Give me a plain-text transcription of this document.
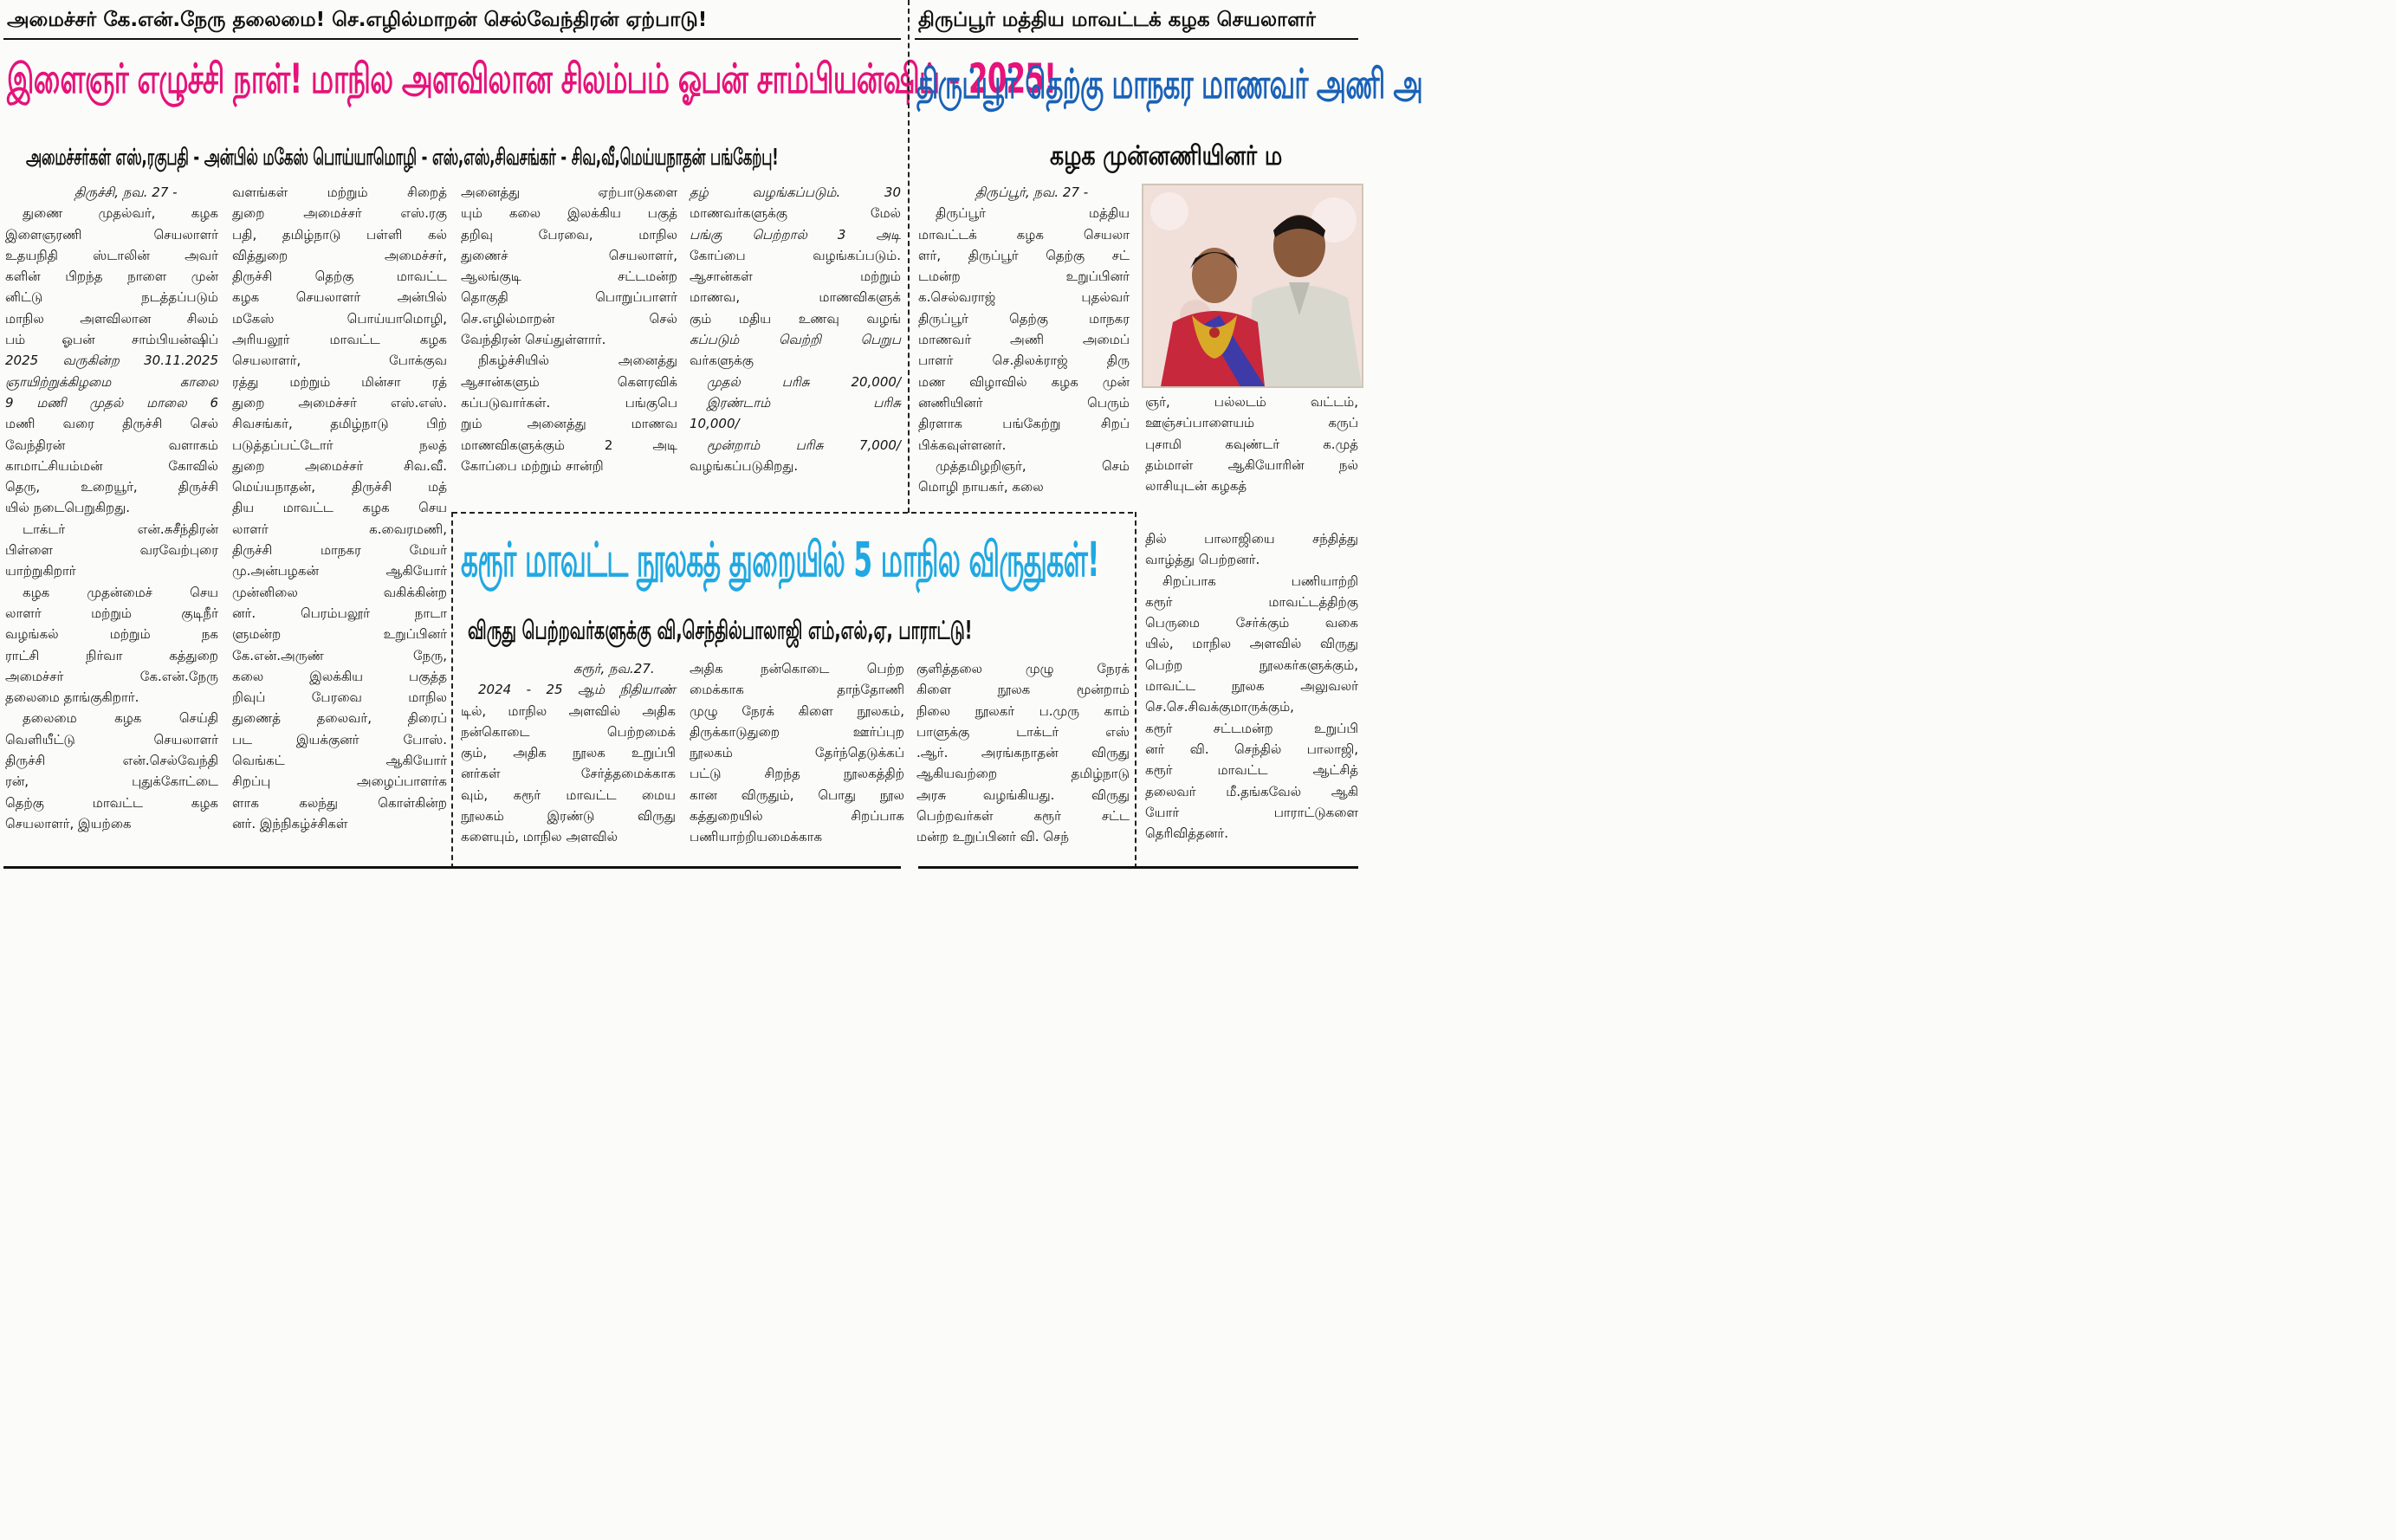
அமைச்சர் கே.என்.நேரு தலைமை! செ.எழில்மாறன் செல்வேந்திரன் ஏற்பாடு!
இளைஞர் எழுச்சி நாள்! மாநில அளவிலான சிலம்பம் ஓபன் சாம்பியன்ஷிப் - 2025!
அமைச்சர்கள் எஸ்,ரகுபதி - அன்பில் மகேஸ் பொய்யாமொழி - எஸ்,எஸ்,சிவசங்கர் - சிவ,வீ,மெய்யநாதன் பங்கேற்பு!

திருச்சி, நவ. 27 -

துணை முதல்வர், கழக

இளைஞரணி செயலாளர்

உதயநிதி ஸ்டாலின் அவர்

களின் பிறந்த நாளை முன்

னிட்டு நடத்தப்படும்

மாநில அளவிலான சிலம்

பம் ஓபன் சாம்பியன்ஷிப்

2025 வருகின்ற 30.11.2025

ஞாயிற்றுக்கிழமை காலை

9 மணி முதல் மாலை 6

மணி வரை திருச்சி செல்

வேந்திரன் வளாகம்

காமாட்சியம்மன் கோவில்

தெரு, உறையூர், திருச்சி

யில் நடைபெறுகிறது.

டாக்டர் என்.சுசீந்திரன்

பிள்ளை வரவேற்புரை

யாற்றுகிறார்

கழக முதன்மைச் செய

லாளர் மற்றும் குடிநீர்

வழங்கல் மற்றும் நக

ராட்சி நிர்வா கத்துறை

அமைச்சர் கே.என்.நேரு

தலைமை தாங்குகிறார்.

தலைமை கழக செய்தி

வெளியீட்டு செயலாளர்

திருச்சி என்.செல்வேந்தி

ரன், புதுக்கோட்டை

தெற்கு மாவட்ட கழக

செயலாளர், இயற்கை

வளங்கள் மற்றும் சிறைத்

துறை அமைச்சர் எஸ்.ரகு

பதி, தமிழ்நாடு பள்ளி கல்

வித்துறை அமைச்சர்,

திருச்சி தெற்கு மாவட்ட

கழக செயலாளர் அன்பில்

மகேஸ் பொய்யாமொழி,

அரியலூர் மாவட்ட கழக

செயலாளர், போக்குவ

ரத்து மற்றும் மின்சா ரத்

துறை அமைச்சர் எஸ்.எஸ்.

சிவசங்கர், தமிழ்நாடு பிற்

படுத்தப்பட்டோர் நலத்

துறை அமைச்சர் சிவ.வீ.

மெய்யநாதன், திருச்சி மத்

திய மாவட்ட கழக செய

லாளர் க.வைரமணி,

திருச்சி மாநகர மேயர்

மு.அன்பழகன் ஆகியோர்

முன்னிலை வகிக்கின்ற

னர். பெரம்பலூர் நாடா

ளுமன்ற உறுப்பினர்

கே.என்.அருண் நேரு,

கலை இலக்கிய பகுத்த

றிவுப் பேரவை மாநில

துணைத் தலைவர், திரைப்

பட இயக்குனர் போஸ்.

வெங்கட் ஆகியோர்

சிறப்பு அழைப்பாளர்க

ளாக கலந்து கொள்கின்ற

னர். இந்நிகழ்ச்சிகள்

அனைத்து ஏற்பாடுகளை

யும் கலை இலக்கிய பகுத்

தறிவு பேரவை, மாநில

துணைச் செயலாளர்,

ஆலங்குடி சட்டமன்ற

தொகுதி பொறுப்பாளர்

செ.எழில்மாறன் செல்

வேந்திரன் செய்துள்ளார்.

நிகழ்ச்சியில் அனைத்து

ஆசான்களும் கௌரவிக்

கப்படுவார்கள். பங்குபெ

றும் அனைத்து மாணவ

மாணவிகளுக்கும் 2 அடி

கோப்பை மற்றும் சான்றி

தழ் வழங்கப்படும். 30

மாணவர்களுக்கு மேல்

பங்கு பெற்றால் 3 அடி

கோப்பை வழங்கப்படும்.

ஆசான்கள் மற்றும்

மாணவ, மாணவிகளுக்

கும் மதிய உணவு வழங்

கப்படும் வெற்றி பெறுப

வர்களுக்கு

முதல் பரிசு 20,000/

இரண்டாம் பரிசு

10,000/

மூன்றாம் பரிசு 7,000/

வழங்கப்படுகிறது.

கரூர் மாவட்ட நூலகத் துறையில் 5 மாநில விருதுகள்!
விருது பெற்றவர்களுக்கு வி,செந்தில்பாலாஜி எம்,எல்,ஏ, பாராட்டு!

கரூர், நவ.27.

2024 - 25 ஆம் நிதியாண்

டில், மாநில அளவில் அதிக

நன்கொடை பெற்றமைக்

கும், அதிக நூலக உறுப்பி

னர்கள் சேர்த்தமைக்காக

வும், கரூர் மாவட்ட மைய

நூலகம் இரண்டு விருது

களையும், மாநில அளவில்

அதிக நன்கொடை பெற்ற

மைக்காக தாந்தோணி

முழு நேரக் கிளை நூலகம்,

திருக்காடுதுறை ஊர்ப்புற

நூலகம் தேர்ந்தெடுக்கப்

பட்டு சிறந்த நூலகத்திற்

கான விருதும், பொது நூல

கத்துறையில் சிறப்பாக

பணியாற்றியமைக்காக

குளித்தலை முழு நேரக்

கிளை நூலக மூன்றாம்

நிலை நூலகர் ப.முரு காம்

பாளுக்கு டாக்டர் எஸ்

.ஆர். அரங்கநாதன் விருது

ஆகியவற்றை தமிழ்நாடு

அரசு வழங்கியது. விருது

பெற்றவர்கள் கரூர் சட்ட

மன்ற உறுப்பினர் வி. செந்

தில் பாலாஜியை சந்தித்து

வாழ்த்து பெற்றனர்.

சிறப்பாக பணியாற்றி

கரூர் மாவட்டத்திற்கு

பெருமை சேர்க்கும் வகை

யில், மாநில அளவில் விருது

பெற்ற நூலகர்களுக்கும்,

மாவட்ட நூலக அலுவலர்

செ.செ.சிவக்குமாருக்கும்,

கரூர் சட்டமன்ற உறுப்பி

னர் வி. செந்தில் பாலாஜி,

கரூர் மாவட்ட ஆட்சித்

தலைவர் மீ.தங்கவேல் ஆகி

யோர் பாராட்டுகளை

தெரிவித்தனர்.

திருப்பூர் மத்திய மாவட்டக் கழக செயலாளர்
திருப்பூர் தெற்கு மாநகர மாணவர் அணி அ
கழக முன்னணியினர் ம

திருப்பூர், நவ. 27 -

திருப்பூர் மத்திய

மாவட்டக் கழக செயலா

ளர், திருப்பூர் தெற்கு சட்

டமன்ற உறுப்பினர்

க.செல்வராஜ் புதல்வர்

திருப்பூர் தெற்கு மாநகர

மாணவர் அணி அமைப்

பாளர் செ.திலக்ராஜ் திரு

மண விழாவில் கழக முன்

னணியினர் பெரும்

திரளாக பங்கேற்று சிறப்

பிக்கவுள்ளனர்.

முத்தமிழறிஞர், செம்

மொழி நாயகர், கலை

ஞர், பல்லடம் வட்டம்,

ஊஞ்சப்பாளையம் கருப்

புசாமி கவுண்டர் க.முத்

தம்மாள் ஆகியோரின் நல்

லாசியுடன் கழகத்
